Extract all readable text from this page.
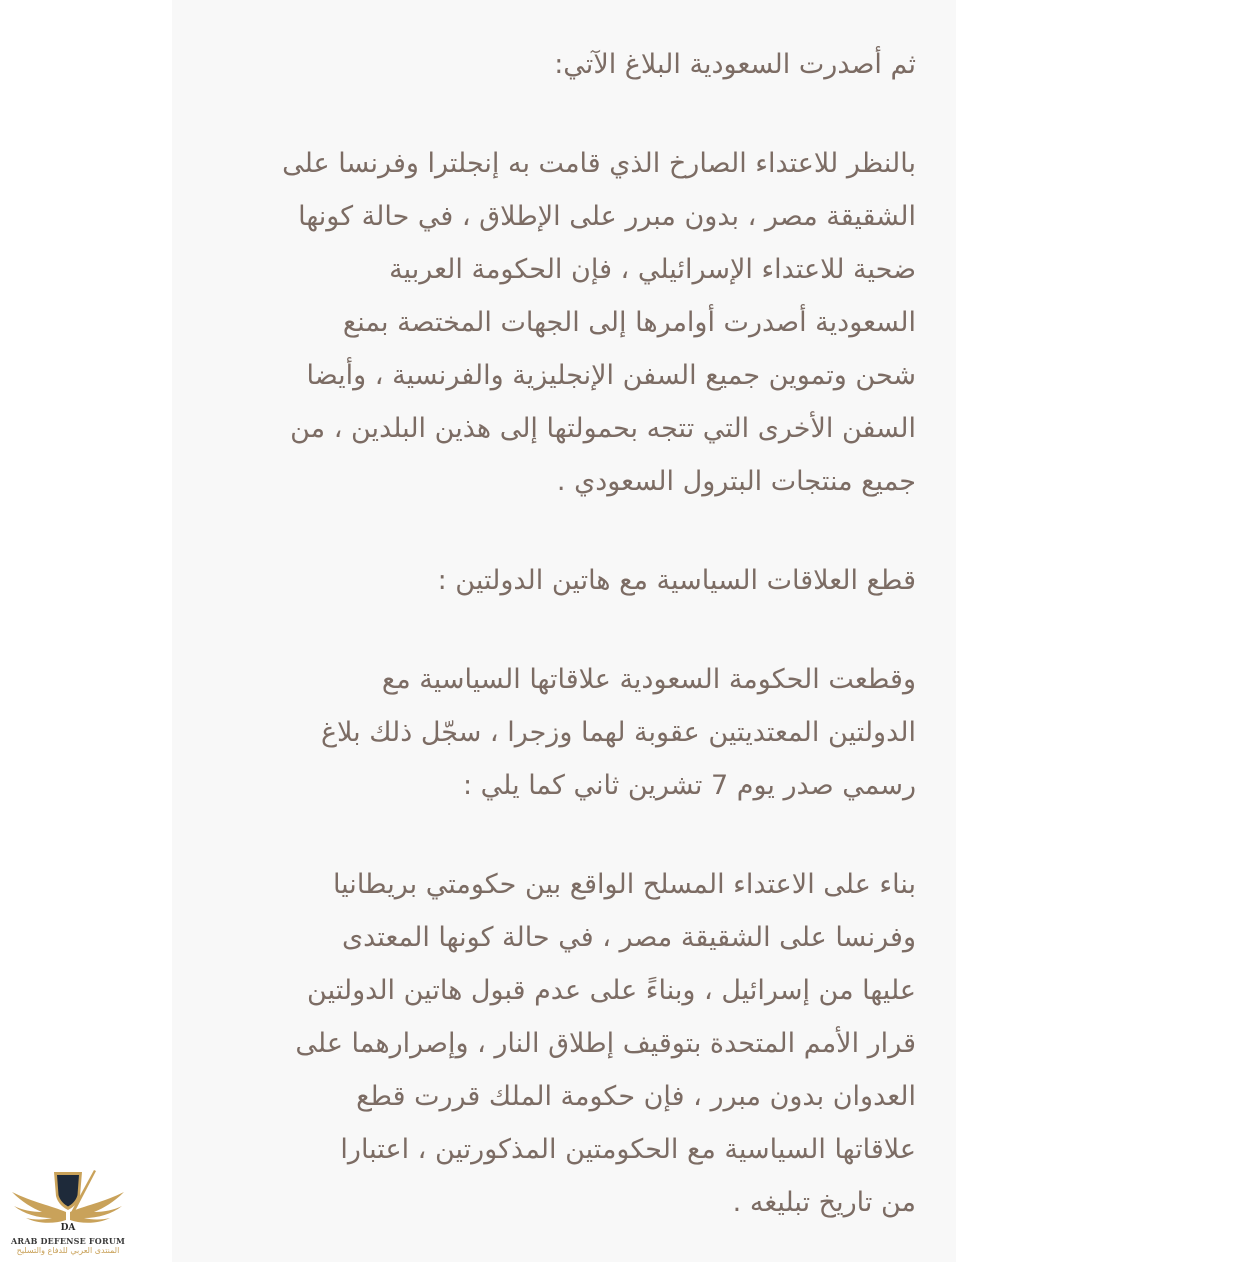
ثم أصدرت السعودية البلاغ الآتي:
بالنظر للاعتداء الصارخ الذي قامت به إنجلترا وفرنسا على
الشقيقة مصر ، بدون مبرر على الإطلاق ، في حالة كونها
ضحية للاعتداء الإسرائيلي ، فإن الحكومة العربية
السعودية أصدرت أوامرها إلى الجهات المختصة بمنع
شحن وتموين جميع السفن الإنجليزية والفرنسية ، وأيضا
السفن الأخرى التي تتجه بحمولتها إلى هذين البلدين ، من
جميع منتجات البترول السعودي .
قطع العلاقات السياسية مع هاتين الدولتين :
وقطعت الحكومة السعودية علاقاتها السياسية مع
الدولتين المعتديتين عقوبة لهما وزجرا ، سجّل ذلك بلاغ
رسمي صدر يوم 7 تشرين ثاني كما يلي :
بناء على الاعتداء المسلح الواقع بين حكومتي بريطانيا
وفرنسا على الشقيقة مصر ، في حالة كونها المعتدى
عليها من إسرائيل ، وبناءً على عدم قبول هاتين الدولتين
قرار الأمم المتحدة بتوقيف إطلاق النار ، وإصرارهما على
العدوان بدون مبرر ، فإن حكومة الملك قررت قطع
علاقاتها السياسية مع الحكومتين المذكورتين ، اعتبارا
من تاريخ تبليغه .
DA
ARAB DEFENSE FORUM
المنتدى العربي للدفاع والتسليح
